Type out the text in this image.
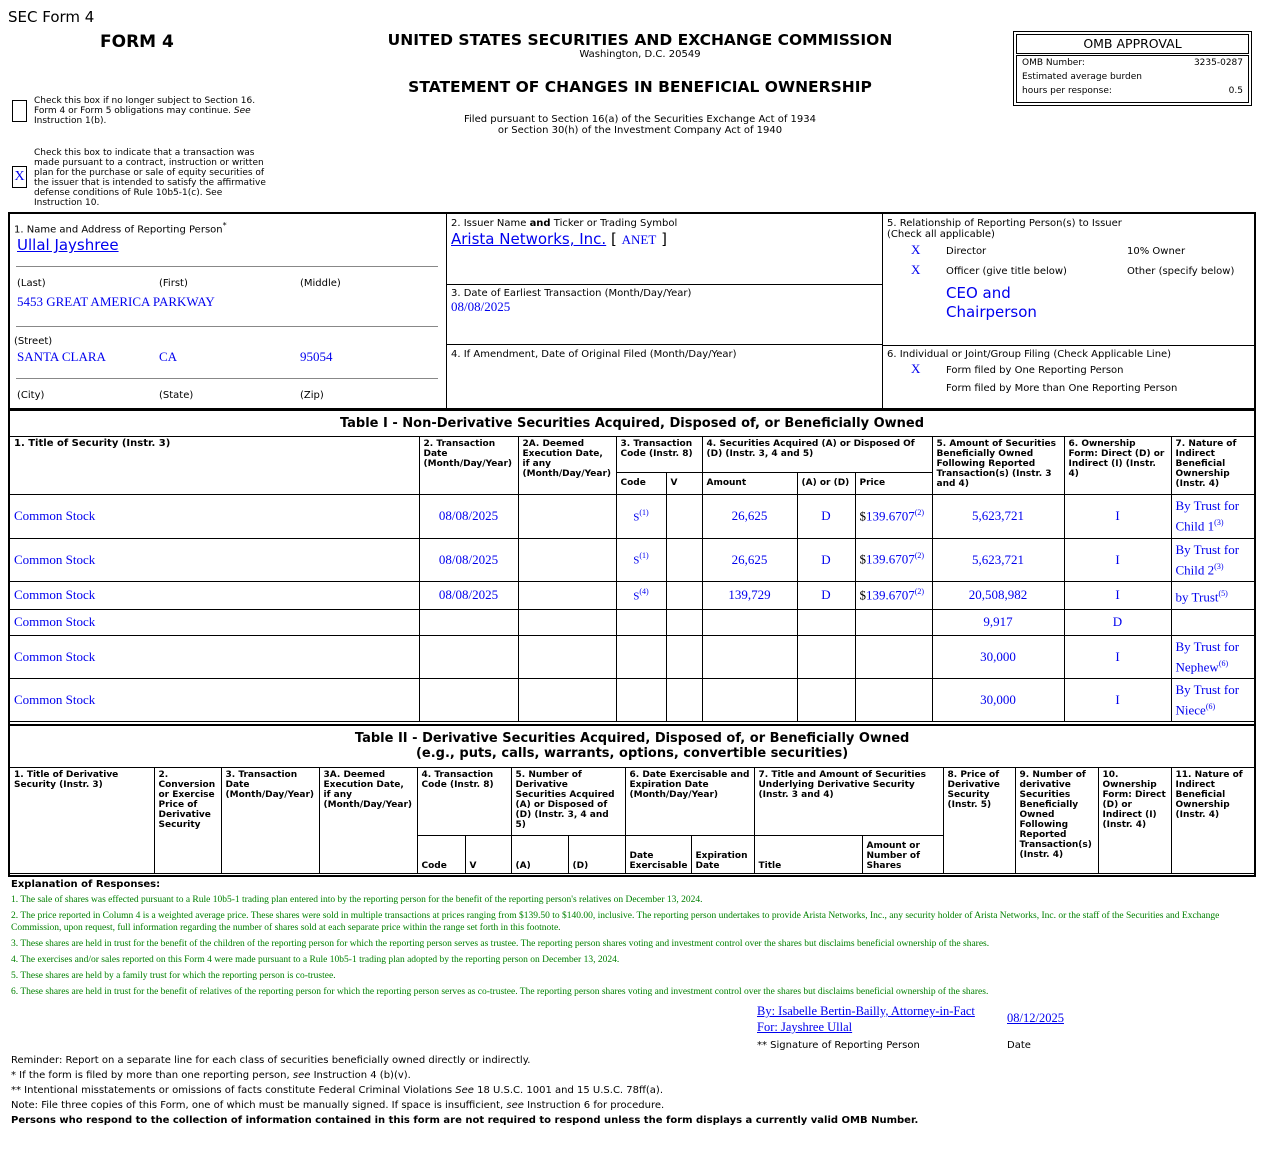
SEC Form 4
FORM 4	UNITED STATES SECURITIES AND EXCHANGE COMMISSION
Washington, D.C. 20549
STATEMENT OF CHANGES IN BENEFICIAL OWNERSHIP
Filed pursuant to Section 16(a) of the Securities Exchange Act of 1934
or Section 30(h) of the Investment Company Act of 1940
OMB APPROVAL
OMB Number:	3235-0287
Estimated average burden
hours per response:	0.5
Check this box if no longer subject to Section 16. Form 4 or Form 5 obligations may continue. See Instruction 1(b).
X
Check this box to indicate that a transaction was made pursuant to a contract, instruction or written plan for the purchase or sale of equity securities of the issuer that is intended to satisfy the affirmative defense conditions of Rule 10b5-1(c). See Instruction 10.
1. Name and Address of Reporting Person*
Ullal Jayshree
(Last)	(First)	(Middle)
5453 GREAT AMERICA PARKWAY
(Street)
SANTA CLARA	CA	95054
(City)	(State)	(Zip)
2. Issuer Name and Ticker or Trading Symbol
Arista Networks, Inc. [ ANET ]
3. Date of Earliest Transaction (Month/Day/Year)
08/08/2025
4. If Amendment, Date of Original Filed (Month/Day/Year)
5. Relationship of Reporting Person(s) to Issuer
(Check all applicable)
X	Director	10% Owner
X	Officer (give title below)	Other (specify below)
CEO and
Chairperson
6. Individual or Joint/Group Filing (Check Applicable Line)
X	Form filed by One Reporting Person
Form filed by More than One Reporting Person
Table I - Non-Derivative Securities Acquired, Disposed of, or Beneficially Owned										
1. Title of Security (Instr. 3)	2. Transaction Date (Month/Day/Year)	2A. Deemed Execution Date, if any (Month/Day/Year)	3. Transaction Code (Instr. 8)		4. Securities Acquired (A) or Disposed Of (D) (Instr. 3, 4 and 5)			5. Amount of Securities Beneficially Owned Following Reported Transaction(s) (Instr. 3 and 4)	6. Ownership Form: Direct (D) or Indirect (I) (Instr. 4)	7. Nature of Indirect Beneficial Ownership (Instr. 4)
			Code	V	Amount	(A) or (D)	Price			
Common Stock	08/08/2025		$S^{(1)}$		26,625	D	$139.6707$^{(2)}$	5,623,721	I	By Trust for Child 1$^{(3)}$
Common Stock	08/08/2025		$S^{(1)}$		26,625	D	$139.6707$^{(2)}$	5,623,721	I	By Trust for Child 2$^{(3)}$
Common Stock	08/08/2025		$S^{(4)}$		139,729	D	$139.6707$^{(2)}$	20,508,982	I	by Trust$^{(5)}$
Common Stock								9,917	D	
Common Stock								30,000	I	By Trust for Nephew$^{(6)}$
Common Stock								30,000	I	By Trust for Niece$^{(6)}$
Table II - Derivative Securities Acquired, Disposed of, or Beneficially Owned
(e.g., puts, calls, warrants, options, convertible securities)															

1. Title of Derivative Security (Instr. 3)	2. Conversion or Exercise Price of Derivative Security	3. Transaction Date (Month/Day/Year)	3A. Deemed Execution Date, if any (Month/Day/Year)	4. Transaction Code (Instr. 8)		5. Number of Derivative Securities Acquired (A) or Disposed of (D) (Instr. 3, 4 and 5)		6. Date Exercisable and Expiration Date (Month/Day/Year)		7. Title and Amount of Securities Underlying Derivative Security (Instr. 3 and 4)		8. Price of Derivative Security (Instr. 5)	9. Number of derivative Securities Beneficially Owned Following Reported Transaction(s) (Instr. 4)	10. Ownership Form: Direct (D) or Indirect (I) (Instr. 4)	11. Nature of Indirect Beneficial Ownership (Instr. 4)
				Code	V	(A)	(D)	Date Exercisable	Expiration Date	Title	Amount or Number of Shares				
Explanation of Responses:
1. The sale of shares was effected pursuant to a Rule 10b5-1 trading plan entered into by the reporting person for the benefit of the reporting person's relatives on December 13, 2024.
2. The price reported in Column 4 is a weighted average price. These shares were sold in multiple transactions at prices ranging from $139.50 to $140.00, inclusive. The reporting person undertakes to provide Arista Networks, Inc., any security holder of Arista Networks, Inc. or the staff of the Securities and Exchange Commission, upon request, full information regarding the number of shares sold at each separate price within the range set forth in this footnote.
3. These shares are held in trust for the benefit of the children of the reporting person for which the reporting person serves as trustee. The reporting person shares voting and investment control over the shares but disclaims beneficial ownership of the shares.
4. The exercises and/or sales reported on this Form 4 were made pursuant to a Rule 10b5-1 trading plan adopted by the reporting person on December 13, 2024.
5. These shares are held by a family trust for which the reporting person is co-trustee.
6. These shares are held in trust for the benefit of relatives of the reporting person for which the reporting person serves as co-trustee. The reporting person shares voting and investment control over the shares but disclaims beneficial ownership of the shares.
By: Isabelle Bertin-Bailly, Attorney-in-Fact
For: Jayshree Ullal
08/12/2025
** Signature of Reporting Person	Date
Reminder: Report on a separate line for each class of securities beneficially owned directly or indirectly.
* If the form is filed by more than one reporting person, see Instruction 4 (b)(v).
** Intentional misstatements or omissions of facts constitute Federal Criminal Violations See 18 U.S.C. 1001 and 15 U.S.C. 78ff(a).
Note: File three copies of this Form, one of which must be manually signed. If space is insufficient, see Instruction 6 for procedure.
Persons who respond to the collection of information contained in this form are not required to respond unless the form displays a currently valid OMB Number.
